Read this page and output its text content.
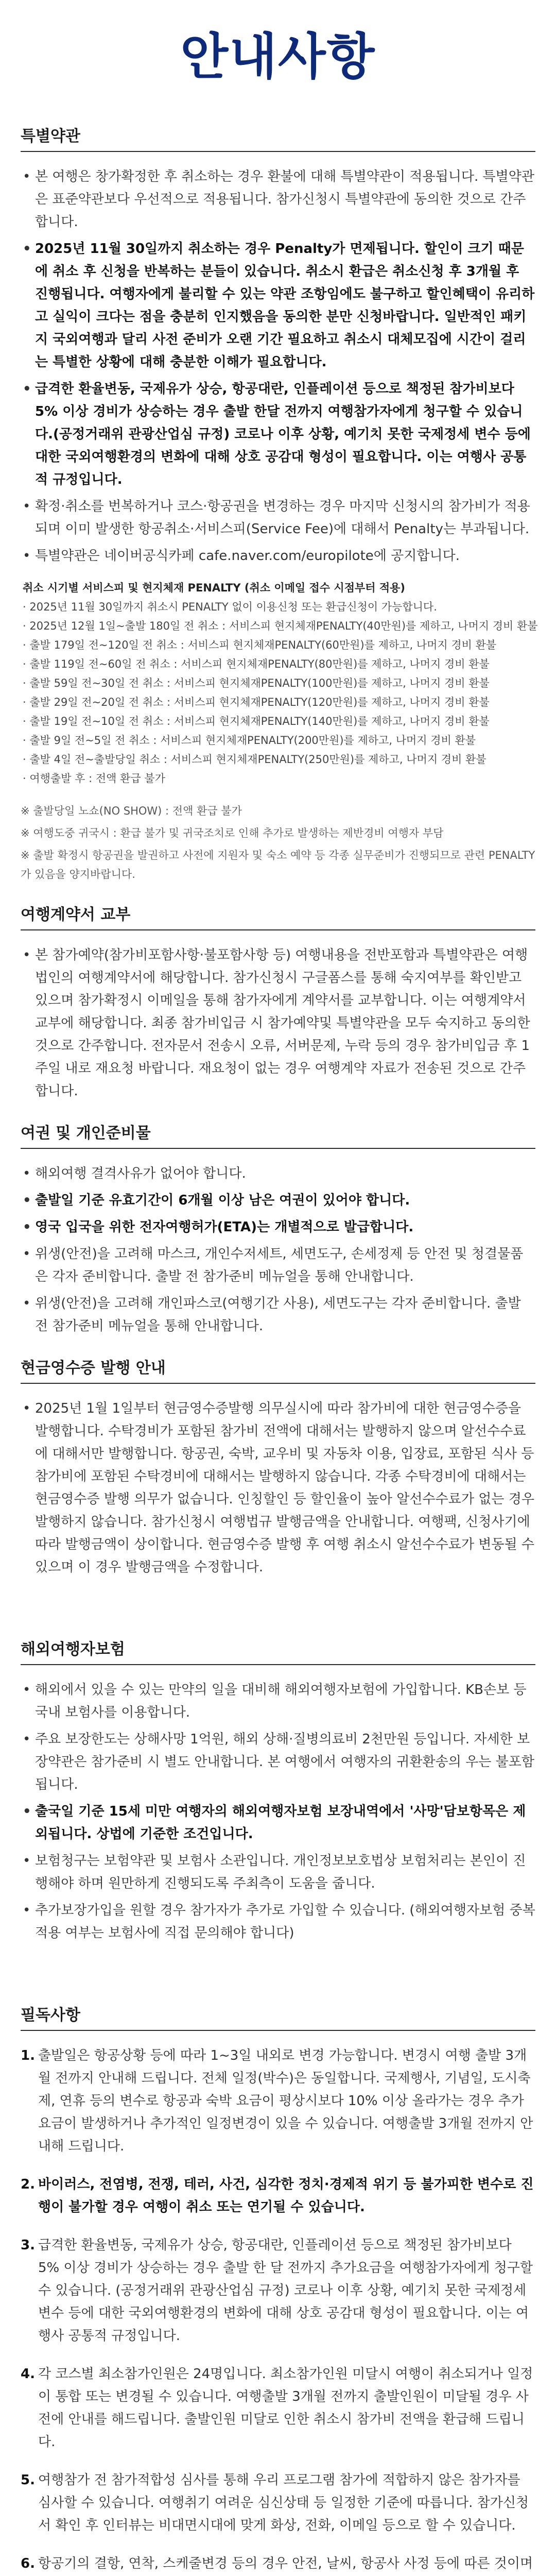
안내사항
특별약관
• 본 여행은 창가확정한 후 취소하는 경우 환불에 대해 특별약관이 적용됩니다. 특별약관은 표준약관보다 우선적으로 적용됩니다. 참가신청시 특별약관에 동의한 것으로 간주합니다.
• 2025년 11월 30일까지 취소하는 경우 Penalty가 면제됩니다. 할인이 크기 때문에 취소 후 신청을 반복하는 분들이 있습니다. 취소시 환급은 취소신청 후 3개월 후 진행됩니다. 여행자에게 불리할 수 있는 약관 조항임에도 불구하고 할인혜택이 유리하고 실익이 크다는 점을 충분히 인지했음을 동의한 분만 신청바랍니다. 일반적인 패키지 국외여행과 달리 사전 준비가 오랜 기간 필요하고 취소시 대체모집에 시간이 걸리는 특별한 상황에 대해 충분한 이해가 필요합니다.
• 급격한 환율변동, 국제유가 상승, 항공대란, 인플레이션 등으로 책정된 참가비보다 5% 이상 경비가 상승하는 경우 출발 한달 전까지 여행참가자에게 청구할 수 있습니다.(공정거래위 관광산업심 규정) 코로나 이후 상황, 예기치 못한 국제정세 변수 등에 대한 국외여행환경의 변화에 대해 상호 공감대 형성이 필요합니다. 이는 여행사 공통적 규정입니다.
• 확정·취소를 번복하거나 코스·항공권을 변경하는 경우 마지막 신청시의 참가비가 적용되며 이미 발생한 항공취소·서비스피(Service Fee)에 대해서 Penalty는 부과됩니다.
• 특별약관은 네이버공식카페 cafe.naver.com/europilote에 공지합니다.
취소 시기별 서비스피 및 현지체재 PENALTY (취소 이메일 접수 시점부터 적용)
· 2025년 11월 30일까지 취소시 PENALTY 없이 이용신청 또는 환급신청이 가능합니다.
· 2025년 12월 1일~출발 180일 전 취소 : 서비스피 현지체재PENALTY(40만원)를 제하고, 나머지 경비 환불
· 출발 179일 전~120일 전 취소 : 서비스피 현지체재PENALTY(60만원)를 제하고, 나머지 경비 환불
· 출발 119일 전~60일 전 취소 : 서비스피 현지체재PENALTY(80만원)를 제하고, 나머지 경비 환불
· 출발 59일 전~30일 전 취소 : 서비스피 현지체재PENALTY(100만원)를 제하고, 나머지 경비 환불
· 출발 29일 전~20일 전 취소 : 서비스피 현지체재PENALTY(120만원)를 제하고, 나머지 경비 환불
· 출발 19일 전~10일 전 취소 : 서비스피 현지체재PENALTY(140만원)를 제하고, 나머지 경비 환불
· 출발 9일 전~5일 전 취소 : 서비스피 현지체재PENALTY(200만원)를 제하고, 나머지 경비 환불
· 출발 4일 전~출발당일 취소 : 서비스피 현지체재PENALTY(250만원)를 제하고, 나머지 경비 환불
· 여행출발 후 : 전액 환급 불가
※ 출발당일 노쇼(NO SHOW) : 전액 환급 불가
※ 여행도중 귀국시 : 환급 불가 및 귀국조치로 인해 추가로 발생하는 제반경비 여행자 부담
※ 출발 확정시 항공권을 발권하고 사전에 지원자 및 숙소 예약 등 각종 실무준비가 진행되므로 관련 PENALTY가 있음을 양지바랍니다.
여행계약서 교부
• 본 참가예약(참가비포함사항·불포함사항 등) 여행내용을 전반포함과 특별약관은 여행법인의 여행계약서에 해당합니다. 참가신청시 구글폼스를 통해 숙지여부를 확인받고 있으며 참가확정시 이메일을 통해 참가자에게 계약서를 교부합니다. 이는 여행계약서 교부에 해당합니다. 최종 참가비입금 시 참가예약및 특별약관을 모두 숙지하고 동의한 것으로 간주합니다. 전자문서 전송시 오류, 서버문제, 누락 등의 경우 참가비입금 후 1주일 내로 재요청 바랍니다. 재요청이 없는 경우 여행계약 자료가 전송된 것으로 간주합니다.
여권 및 개인준비물
• 해외여행 결격사유가 없어야 합니다.
• 출발일 기준 유효기간이 6개월 이상 남은 여권이 있어야 합니다.
• 영국 입국을 위한 전자여행허가(ETA)는 개별적으로 발급합니다.
• 위생(안전)을 고려해 마스크, 개인수저세트, 세면도구, 손세정제 등 안전 및 청결물품은 각자 준비합니다. 출발 전 참가준비 메뉴얼을 통해 안내합니다.
• 위생(안전)을 고려해 개인파스코(여행기간 사용), 세면도구는 각자 준비합니다. 출발 전 참가준비 메뉴얼을 통해 안내합니다.
현금영수증 발행 안내
• 2025년 1월 1일부터 현금영수증발행 의무실시에 따라 참가비에 대한 현금영수증을 발행합니다. 수탁경비가 포함된 참가비 전액에 대해서는 발행하지 않으며 알선수수료에 대해서만 발행합니다. 항공권, 숙박, 교우비 및 자동차 이용, 입장료, 포함된 식사 등 참가비에 포함된 수탁경비에 대해서는 발행하지 않습니다. 각종 수탁경비에 대해서는 현금영수증 발행 의무가 없습니다. 인칭할인 등 할인율이 높아 알선수수료가 없는 경우 발행하지 않습니다. 참가신청시 여행법규 발행금액을 안내합니다. 여행팩, 신청사기에 따라 발행금액이 상이합니다. 현금영수증 발행 후 여행 취소시 알선수수료가 변동될 수 있으며 이 경우 발행금액을 수정합니다.
해외여행자보험
• 해외에서 있을 수 있는 만약의 일을 대비해 해외여행자보험에 가입합니다. KB손보 등 국내 보험사를 이용합니다.
• 주요 보장한도는 상해사망 1억원, 해외 상해·질병의료비 2천만원 등입니다. 자세한 보장약관은 참가준비 시 별도 안내합니다. 본 여행에서 여행자의 귀환환송의 우는 불포함됩니다.
• 출국일 기준 15세 미만 여행자의 해외여행자보험 보장내역에서 '사망'담보항목은 제외됩니다. 상법에 기준한 조건입니다.
• 보험청구는 보험약관 및 보험사 소관입니다. 개인정보보호법상 보험처리는 본인이 진행해야 하며 원만하게 진행되도록 주최측이 도움을 줍니다.
• 추가보장가입을 원할 경우 참가자가 추가로 가입할 수 있습니다. (해외여행자보험 중복적용 여부는 보험사에 직접 문의해야 합니다)
필독사항
1. 출발일은 항공상황 등에 따라 1~3일 내외로 변경 가능합니다. 변경시 여행 출발 3개월 전까지 안내해 드립니다. 전체 일정(박수)은 동일합니다. 국제행사, 기념일, 도시축제, 연휴 등의 변수로 항공과 숙박 요금이 평상시보다 10% 이상 올라가는 경우 추가요금이 발생하거나 추가적인 일정변경이 있을 수 있습니다. 여행출발 3개월 전까지 안내해 드립니다.
2. 바이러스, 전염병, 전쟁, 테러, 사건, 심각한 정치·경제적 위기 등 불가피한 변수로 진행이 불가할 경우 여행이 취소 또는 연기될 수 있습니다.
3. 급격한 환율변동, 국제유가 상승, 항공대란, 인플레이션 등으로 책정된 참가비보다 5% 이상 경비가 상승하는 경우 출발 한 달 전까지 추가요금을 여행참가자에게 청구할 수 있습니다. (공정거래위 관광산업심 규정) 코로나 이후 상황, 예기치 못한 국제정세 변수 등에 대한 국외여행환경의 변화에 대해 상호 공감대 형성이 필요합니다. 이는 여행사 공통적 규정입니다.
4. 각 코스별 최소참가인원은 24명입니다. 최소참가인원 미달시 여행이 취소되거나 일정이 통합 또는 변경될 수 있습니다. 여행출발 3개월 전까지 출발인원이 미달될 경우 사전에 안내를 해드립니다. 출발인원 미달로 인한 취소시 참가비 전액을 환급해 드립니다.
5. 여행참가 전 참가적합성 심사를 통해 우리 프로그램 참가에 적합하지 않은 참가자를 심사할 수 있습니다. 여행취기 여려운 심신상태 등 일정한 기준에 따릅니다. 참가신청서 확인 후 인터뷰는 비대면시대에 맞게 화상, 전화, 이메일 등으로 할 수 있습니다.
6. 항공기의 결항, 연착, 스케줄변경 등의 경우 안전, 날씨, 항공사 사정 등에 따른 것이며
